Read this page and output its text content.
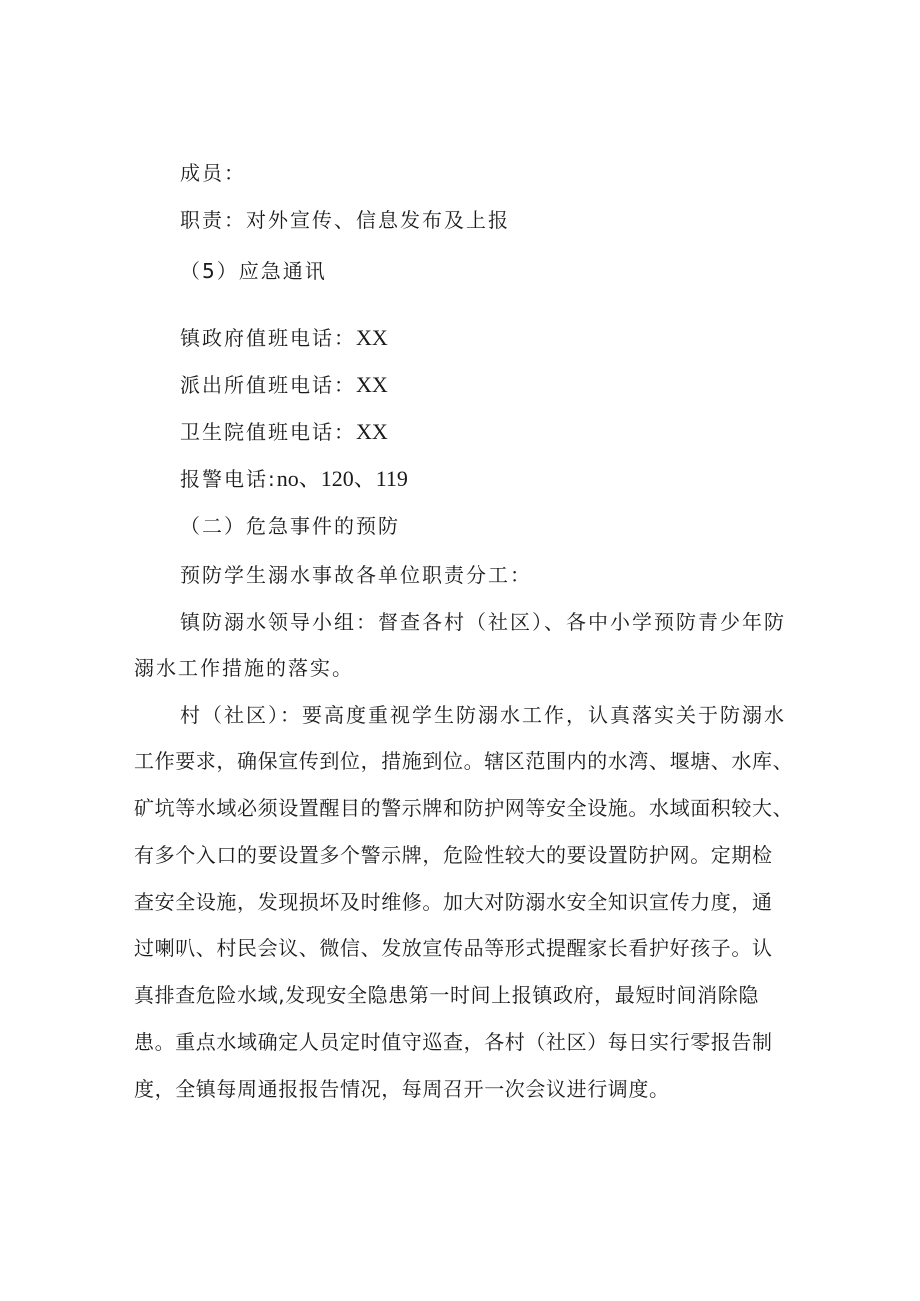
成员：
职责：对外宣传、信息发布及上报
（5）应急通讯
镇政府值班电话：XX
派出所值班电话：XX
卫生院值班电话：XX
报警电话:no、120、119
（二）危急事件的预防
预防学生溺水事故各单位职责分工：
镇防溺水领导小组：督查各村（社区）、各中小学预防青少年防
溺水工作措施的落实。
村（社区）：要高度重视学生防溺水工作，认真落实关于防溺水
工作要求，确保宣传到位，措施到位。辖区范围内的水湾、堰塘、水库、
矿坑等水域必须设置醒目的警示牌和防护网等安全设施。水域面积较大、
有多个入口的要设置多个警示牌，危险性较大的要设置防护网。定期检
查安全设施，发现损坏及时维修。加大对防溺水安全知识宣传力度，通
过喇叭、村民会议、微信、发放宣传品等形式提醒家长看护好孩子。认
真排查危险水域,发现安全隐患第一时间上报镇政府，最短时间消除隐
患。重点水域确定人员定时值守巡查，各村（社区）每日实行零报告制
度，全镇每周通报报告情况，每周召开一次会议进行调度。
